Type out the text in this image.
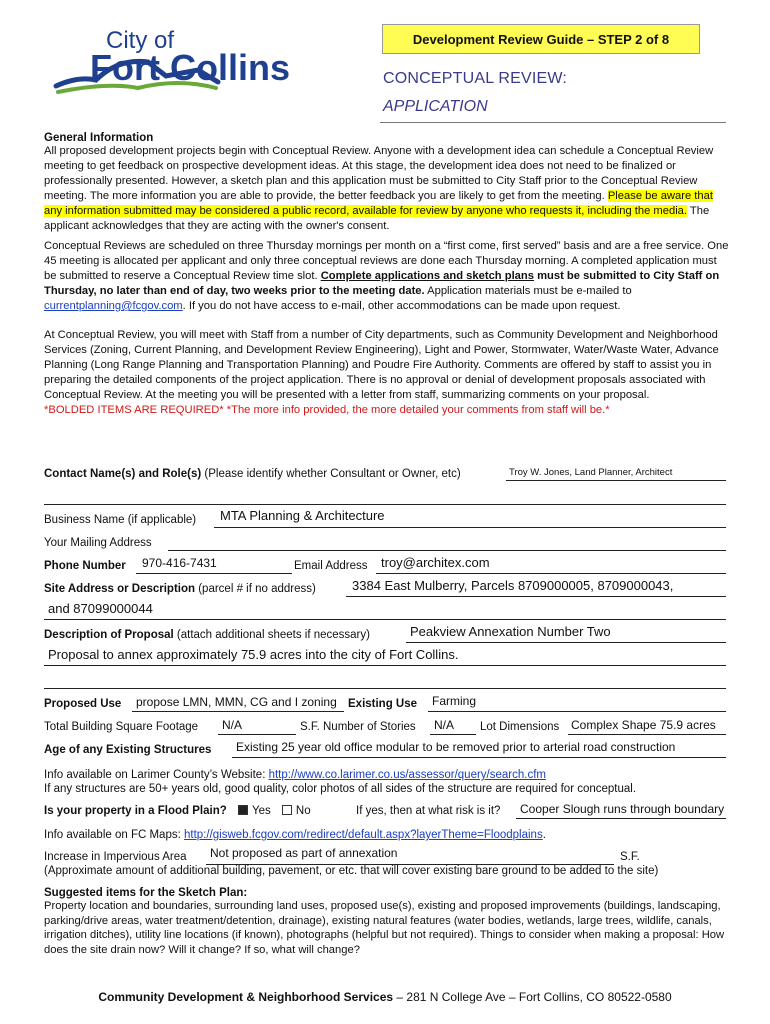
City of
Fort Collins
Development Review Guide – STEP 2 of 8
CONCEPTUAL REVIEW:
APPLICATION
General Information

All proposed development projects begin with Conceptual Review. Anyone with a development idea can schedule a Conceptual Review meeting to get feedback on prospective development ideas. At this stage, the development idea does not need to be finalized or professionally presented. However, a sketch plan and this application must be submitted to City Staff prior to the Conceptual Review meeting. The more information you are able to provide, the better feedback you are likely to get from the meeting. Please be aware that any information submitted may be considered a public record, available for review by anyone who requests it, including the media. The applicant acknowledges that they are acting with the owner's consent.

Conceptual Reviews are scheduled on three Thursday mornings per month on a “first come, first served” basis and are a free service. One 45 meeting is allocated per applicant and only three conceptual reviews are done each Thursday morning. A completed application must be submitted to reserve a Conceptual Review time slot. Complete applications and sketch plans must be submitted to City Staff on Thursday, no later than end of day, two weeks prior to the meeting date. Application materials must be e-mailed to currentplanning@fcgov.com. If you do not have access to e-mail, other accommodations can be made upon request.

At Conceptual Review, you will meet with Staff from a number of City departments, such as Community Development and Neighborhood Services (Zoning, Current Planning, and Development Review Engineering), Light and Power, Stormwater, Water/Waste Water, Advance Planning (Long Range Planning and Transportation Planning) and Poudre Fire Authority. Comments are offered by staff to assist you in preparing the detailed components of the project application. There is no approval or denial of development proposals associated with Conceptual Review. At the meeting you will be presented with a letter from staff, summarizing comments on your proposal.

*BOLDED ITEMS ARE REQUIRED* *The more info provided, the more detailed your comments from staff will be.*

Contact Name(s) and Role(s) (Please identify whether Consultant or Owner, etc)	Troy W. Jones, Land Planner, Architect
Business Name (if applicable) MTA Planning & Architecture
Your Mailing Address
Phone Number 970-416-7431	Email Address troy@architex.com
Site Address or Description (parcel # if no address)	3384 East Mulberry, Parcels 8709000005, 8709000043,
and 87099000044
Description of Proposal (attach additional sheets if necessary)	Peakview Annexation Number Two
Proposal to annex approximately 75.9 acres into the city of Fort Collins.
Proposed Use propose LMN, MMN, CG and I zoning Existing Use Farming
Total Building Square Footage N/A	S.F. Number of Stories N/A Lot Dimensions Complex Shape 75.9 acres
Age of any Existing Structures Existing 25 year old office modular to be removed prior to arterial road construction
Info available on Larimer County’s Website: http://www.co.larimer.co.us/assessor/query/search.cfm
If any structures are 50+ years old, good quality, color photos of all sides of the structure are required for conceptual.
Is your property in a Flood Plain? Yes No	If yes, then at what risk is it? Cooper Slough runs through boundary
Info available on FC Maps: http://gisweb.fcgov.com/redirect/default.aspx?layerTheme=Floodplains.
Increase in Impervious Area Not proposed as part of annexation	S.F.
(Approximate amount of additional building, pavement, or etc. that will cover existing bare ground to be added to the site)
Suggested items for the Sketch Plan:

Property location and boundaries, surrounding land uses, proposed use(s), existing and proposed improvements (buildings, landscaping, parking/drive areas, water treatment/detention, drainage), existing natural features (water bodies, wetlands, large trees, wildlife, canals, irrigation ditches), utility line locations (if known), photographs (helpful but not required). Things to consider when making a proposal: How does the site drain now? Will it change? If so, what will change?

Community Development & Neighborhood Services – 281 N College Ave – Fort Collins, CO 80522-0580
